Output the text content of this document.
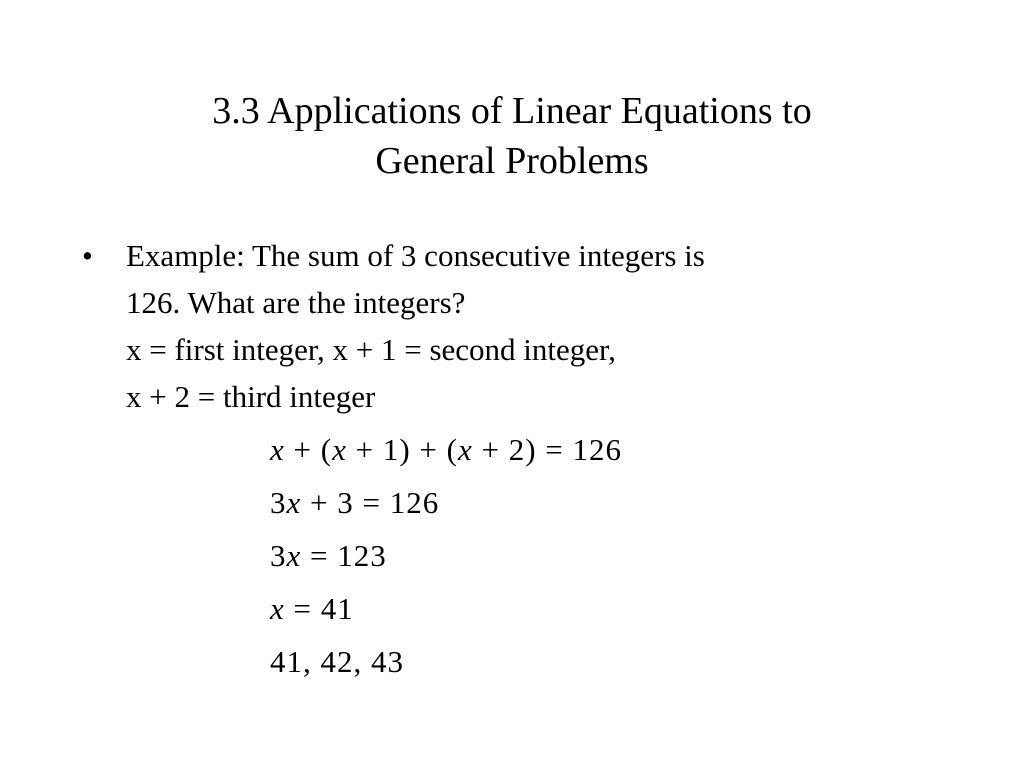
3.3 Applications of Linear Equations to
General Problems
• Example: The sum of 3 consecutive integers is
126. What are the integers?
x = first integer, x + 1 = second integer,
x + 2 = third integer
x + (x + 1) + (x + 2) = 126
3x + 3 = 126
3x = 123
x = 41
41, 42, 43
